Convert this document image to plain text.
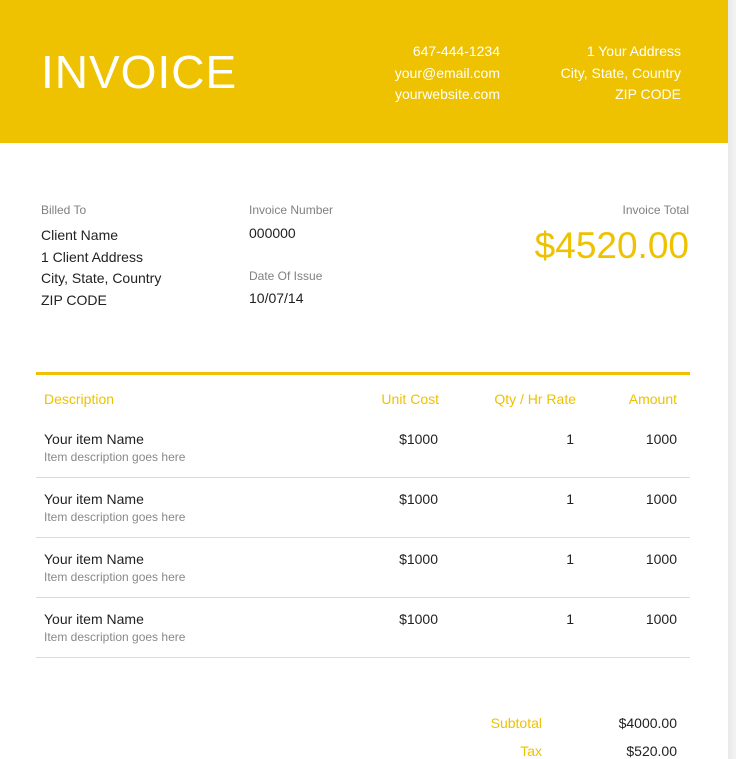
INVOICE	647-444-1234
your@email.com
yourwebsite.com
1 Your Address
City, State, Country
ZIP CODE
Billed To
Client Name
1 Client Address
City, State, Country
ZIP CODE
Invoice Number
000000
Date Of Issue
10/07/14
Invoice Total
$4520.00
Description	Unit Cost	Qty / Hr Rate	Amount
Your item Name
Item description goes here
$1000	1	1000
Your item Name
Item description goes here
$1000	1	1000
Your item Name
Item description goes here
$1000	1	1000
Your item Name
Item description goes here
$1000	1	1000
Subtotal	$4000.00
Tax	$520.00
